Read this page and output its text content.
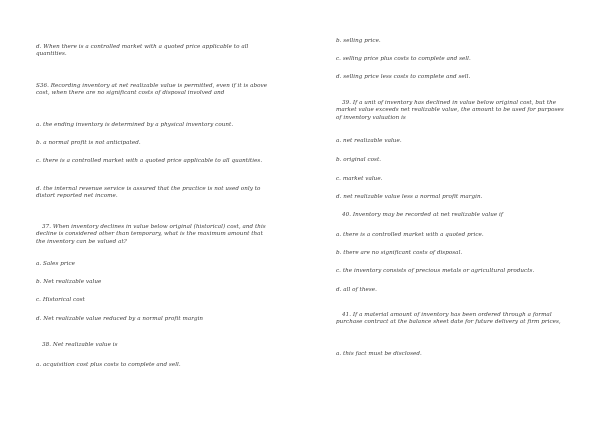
d. When there is a controlled market with a quoted price applicable to all quantities.

S36. Recording inventory at net realizable value is permitted, even if it is above cost, when there are no significant costs of disposal involved and

a. the ending inventory is determined by a physical inventory count.

b. a normal profit is not anticipated.

c. there is a controlled market with a quoted price applicable to all quantities.

d. the internal revenue service is assured that the practice is not used only to distort reported net income.

37. When inventory declines in value below original (historical) cost, and this decline is considered other than temporary, what is the maximum amount that the inventory can be valued at?

a. Sales price

b. Net realizable value

c. Historical cost

d. Net realizable value reduced by a normal profit margin

38. Net realizable value is

a. acquisition cost plus costs to complete and sell.

b. selling price.

c. selling price plus costs to complete and sell.

d. selling price less costs to complete and sell.

39. If a unit of inventory has declined in value below original cost, but the market value exceeds net realizable value, the amount to be used for purposes of inventory valuation is

a. net realizable value.

b. original cost.

c. market value.

d. net realizable value less a normal profit margin.

40. Inventory may be recorded at net realizable value if

a. there is a controlled market with a quoted price.

b. there are no significant costs of disposal.

c. the inventory consists of precious metals or agricultural products.

d. all of these.

41. If a material amount of inventory has been ordered through a formal purchase contract at the balance sheet date for future delivery at firm prices,

a. this fact must be disclosed.
